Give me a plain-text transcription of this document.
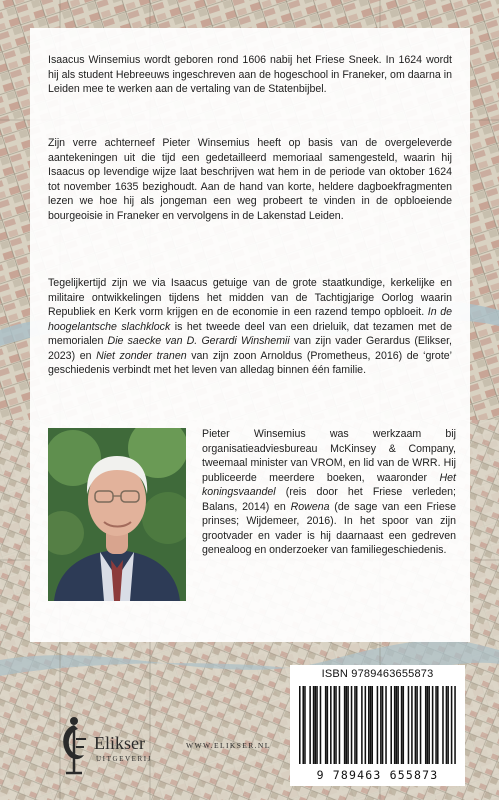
Isaacus Winsemius wordt geboren rond 1606 nabij het Friese Sneek. In 1624 wordt hij als student Hebreeuws ingeschreven aan de hogeschool in Franeker, om daarna in Leiden mee te werken aan de vertaling van de Statenbijbel.

Zijn verre achterneef Pieter Winsemius heeft op basis van de overgeleverde aantekeningen uit die tijd een gedetailleerd memoriaal samengesteld, waarin hij Isaacus op levendige wijze laat beschrijven wat hem in de periode van oktober 1624 tot november 1635 bezighoudt. Aan de hand van korte, heldere dagboekfragmenten lezen we hoe hij als jongeman een weg probeert te vinden in de opbloeiende bourgeoisie in Franeker en vervolgens in de Lakenstad Leiden.

Tegelijkertijd zijn we via Isaacus getuige van de grote staatkundige, kerkelijke en militaire ontwikkelingen tijdens het midden van de Tachtigjarige Oorlog waarin Republiek en Kerk vorm krijgen en de economie in een razend tempo opbloeit. In de hoogelantsche slachklock is het tweede deel van een drieluik, dat tezamen met de memorialen Die saecke van D. Gerardi Winshemii van zijn vader Gerardus (Elikser, 2023) en Niet zonder tranen van zijn zoon Arnoldus (Prometheus, 2016) de ‘grote’ geschiedenis verbindt met het leven van alledag binnen één familie.

Pieter Winsemius was werkzaam bij organisatieadviesbureau McKinsey & Company, tweemaal minister van VROM, en lid van de WRR. Hij publiceerde meerdere boeken, waaronder Het koningsvaandel (reis door het Friese verleden; Balans, 2014) en Rowena (de sage van een Friese prinses; Wijdemeer, 2016). In het spoor van zijn grootvader en vader is hij daarnaast een gedreven genealoog en onderzoeker van familiegeschiedenis.

Elikser
UITGEVERIJ
WWW.ELIKSER.NL
ISBN 9789463655873
9 789463 655873
